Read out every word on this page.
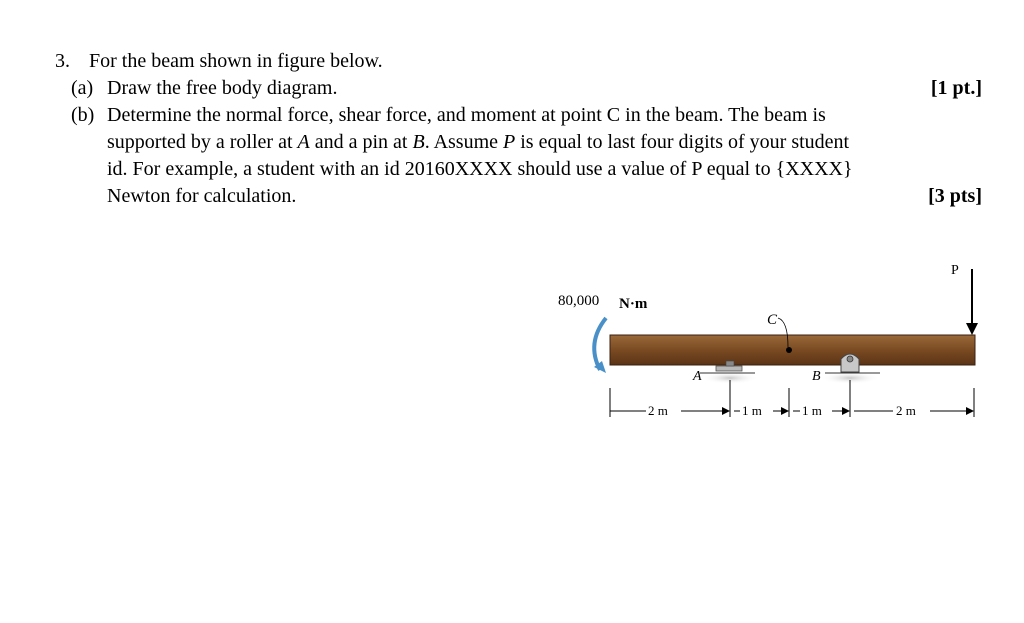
3. For the beam shown in figure below.
(a) Draw the free body diagram.	[1 pt.]
(b) Determine the normal force, shear force, and moment at point C in the beam. The beam is
supported by a roller at A and a pin at B. Assume P is equal to last four digits of your student
id. For example, a student with an id 20160XXXX should use a value of P equal to {XXXX}
Newton for calculation.	[3 pts]
80,000 N·m
P
C
A	B
2 m	1 m	1 m	2 m
